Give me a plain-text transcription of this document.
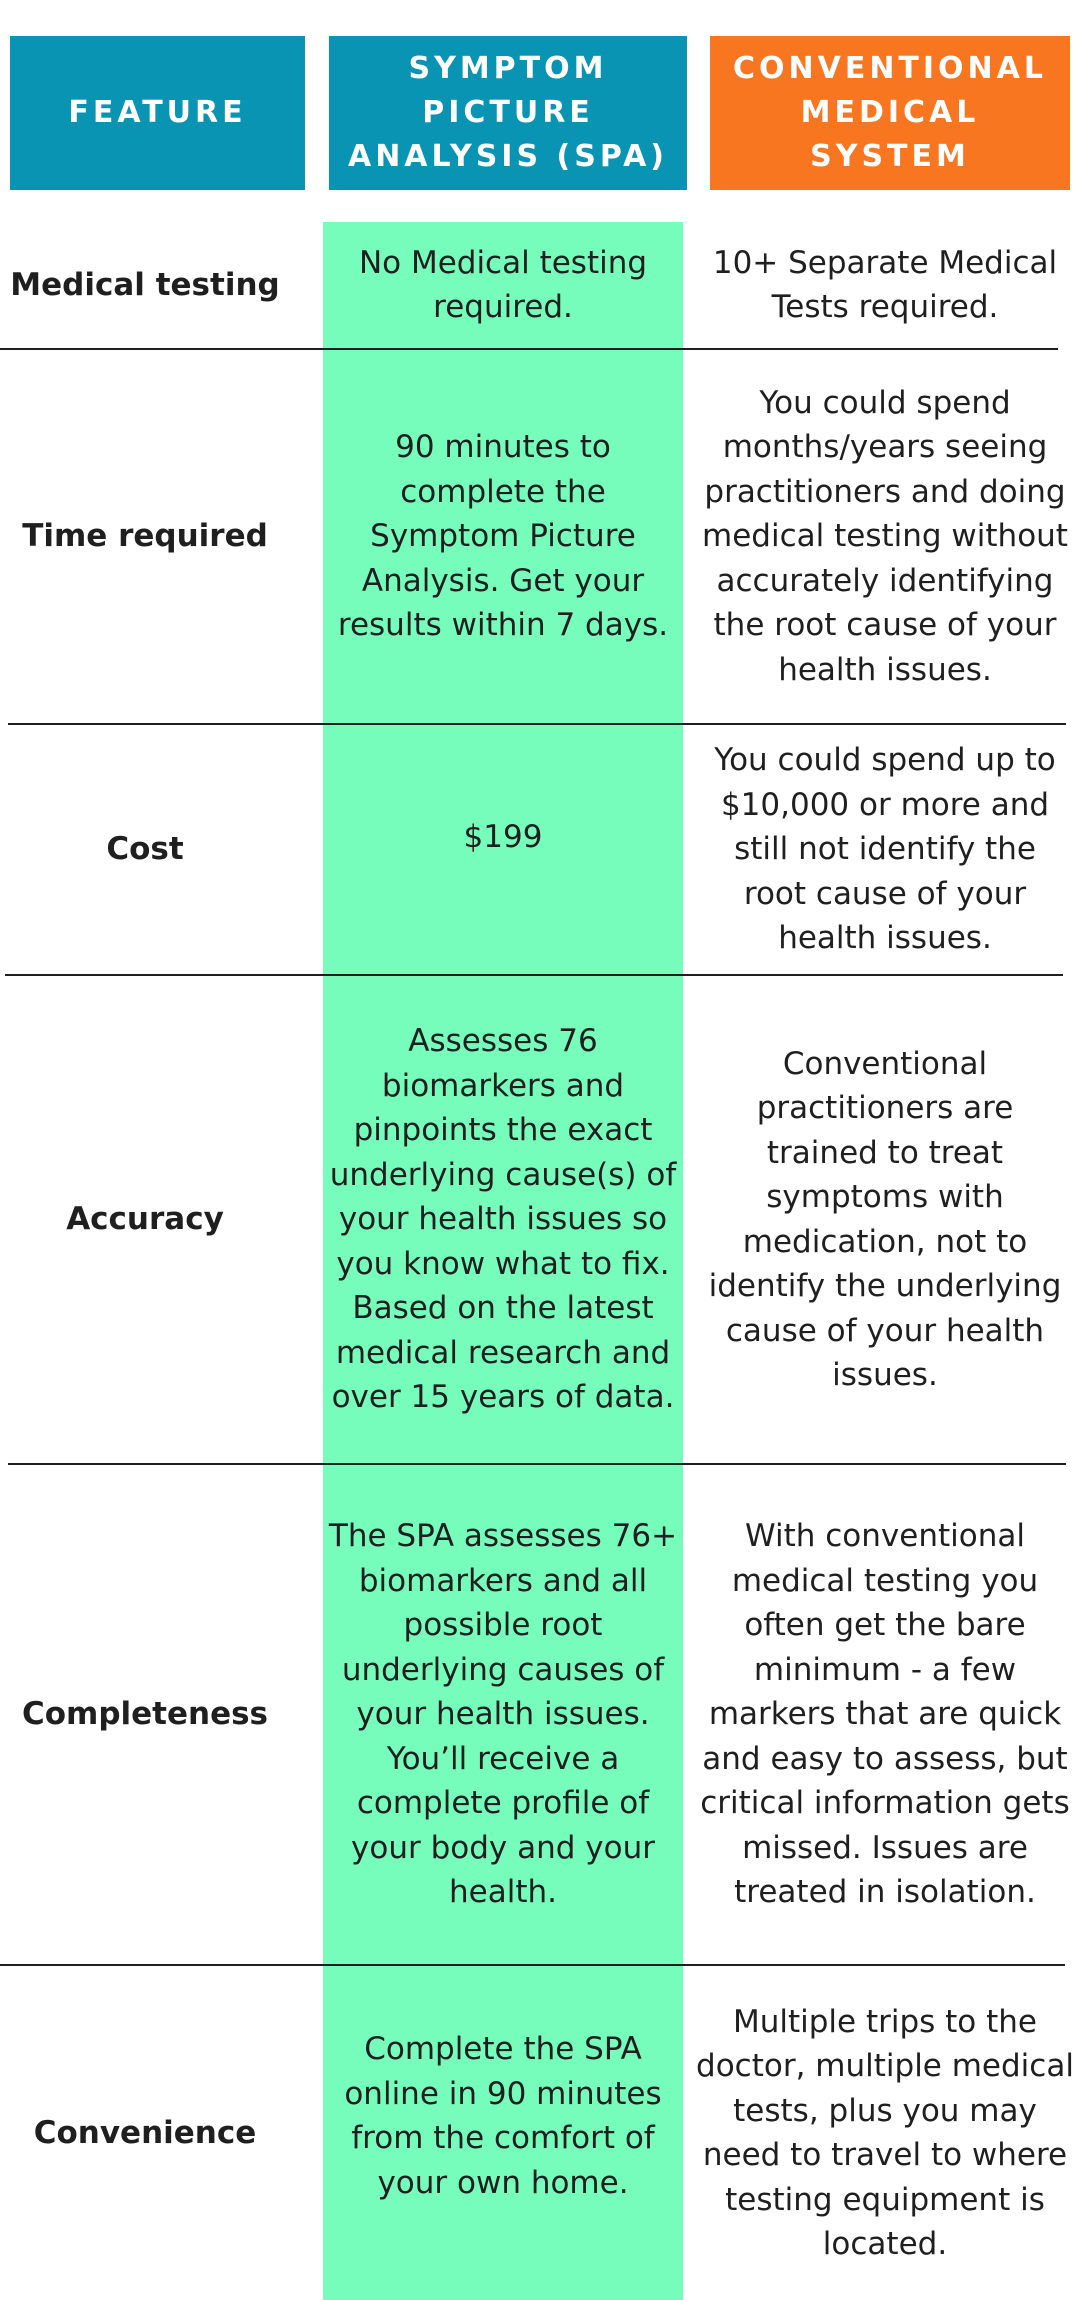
FEATURE
SYMPTOM PICTURE ANALYSIS (SPA)
CONVENTIONAL MEDICAL SYSTEM
Medical testing
No Medical testing required.
10+ Separate Medical Tests required.
Time required
90 minutes to complete the Symptom Picture Analysis. Get your results within 7 days.
You could spend months/years seeing practitioners and doing medical testing without accurately identifying the root cause of your health issues.
Cost	$199
You could spend up to $10,000 or more and still not identify the root cause of your health issues.
Accuracy
Assesses 76 biomarkers and pinpoints the exact underlying cause(s) of your health issues so you know what to fix. Based on the latest medical research and over 15 years of data.
Conventional practitioners are trained to treat symptoms with medication, not to identify the underlying cause of your health issues.
Completeness
The SPA assesses 76+ biomarkers and all possible root underlying causes of your health issues. You’ll receive a complete profile of your body and your health.
With conventional medical testing you often get the bare minimum - a few markers that are quick and easy to assess, but critical information gets missed. Issues are treated in isolation.
Convenience
Complete the SPA online in 90 minutes from the comfort of your own home.
Multiple trips to the doctor, multiple medical tests, plus you may need to travel to where testing equipment is located.
